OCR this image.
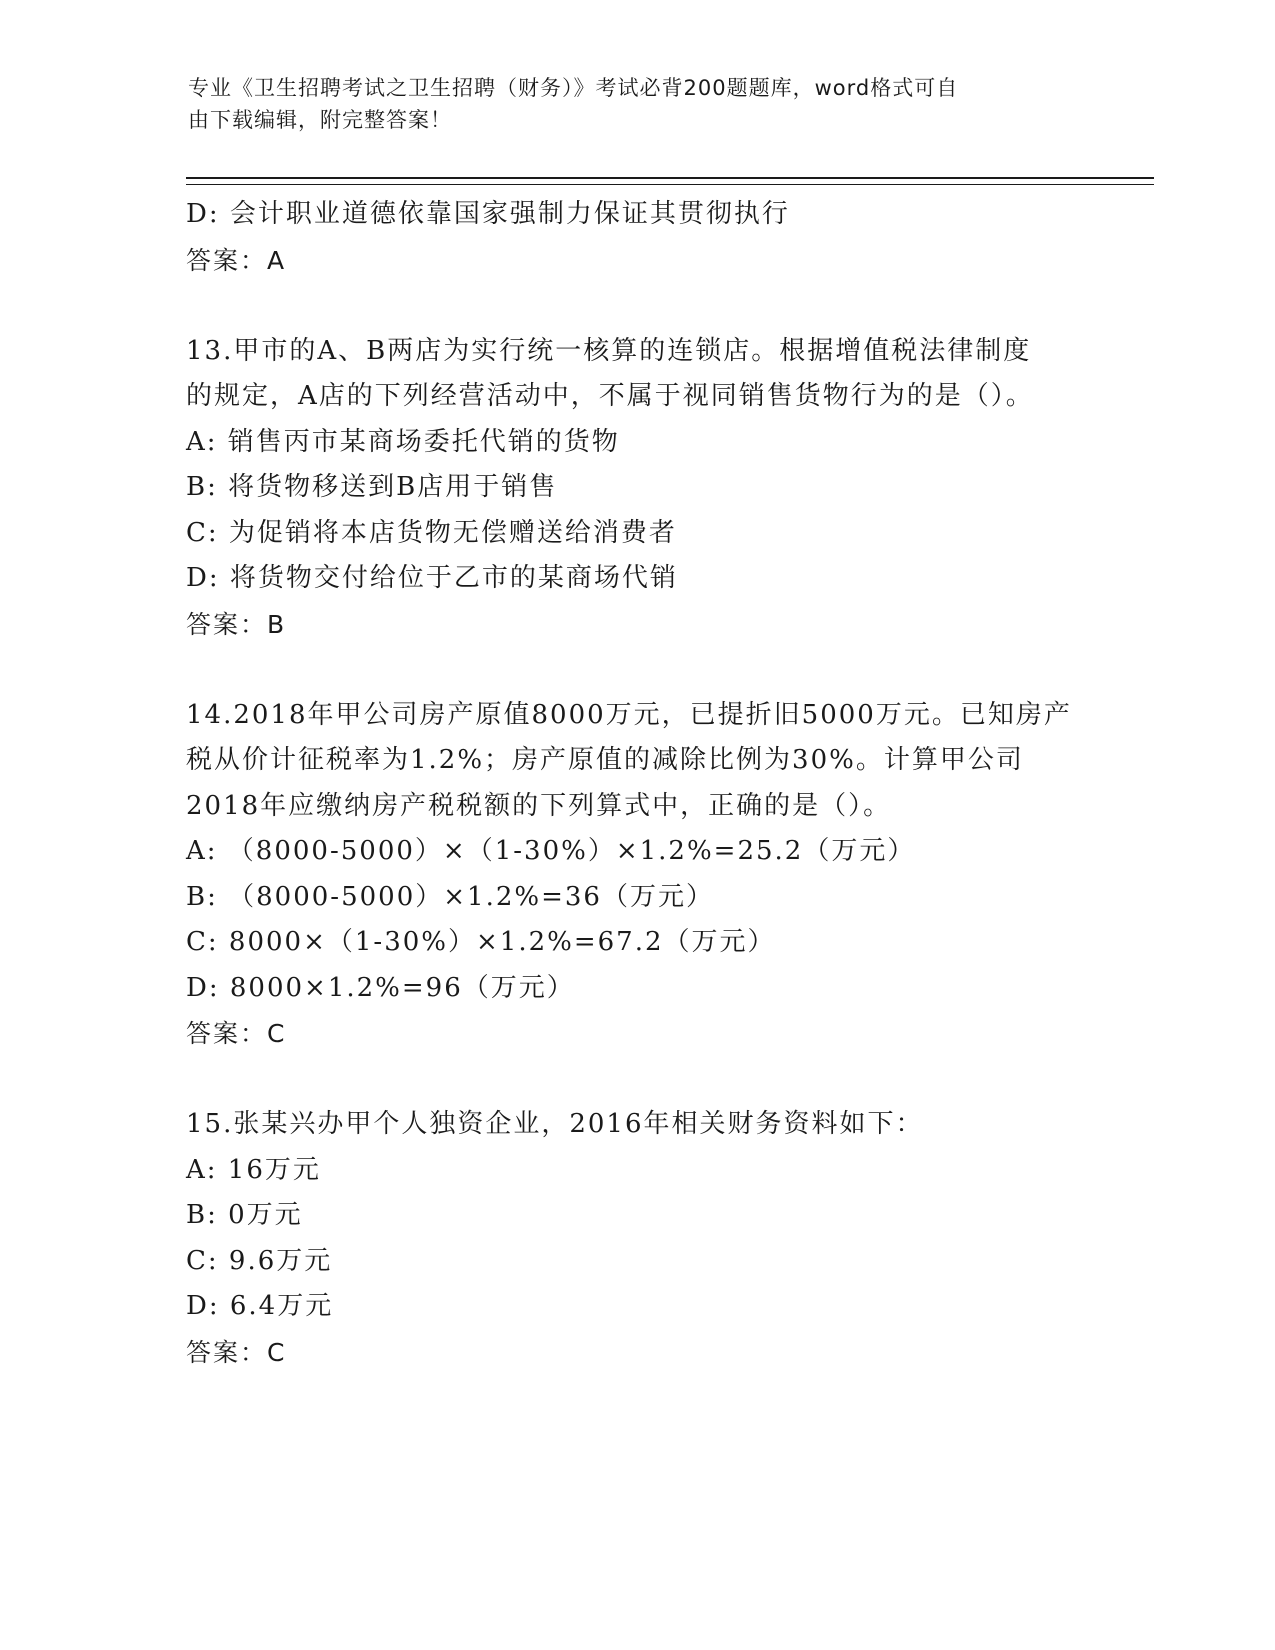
专业《卫生招聘考试之卫生招聘（财务）》考试必背200题题库，word格式可自
由下载编辑，附完整答案！
D: 会计职业道德依靠国家强制力保证其贯彻执行
答案：A
13.甲市的A、B两店为实行统一核算的连锁店。根据增值税法律制度
的规定，A店的下列经营活动中，不属于视同销售货物行为的是（）。
A: 销售丙市某商场委托代销的货物
B: 将货物移送到B店用于销售
C: 为促销将本店货物无偿赠送给消费者
D: 将货物交付给位于乙市的某商场代销
答案：B
14.2018年甲公司房产原值8000万元，已提折旧5000万元。已知房产
税从价计征税率为1.2%；房产原值的减除比例为30%。计算甲公司
2018年应缴纳房产税税额的下列算式中，正确的是（）。
A: （8000-5000）×（1-30%）×1.2%=25.2（万元）
B: （8000-5000）×1.2%=36（万元）
C: 8000×（1-30%）×1.2%=67.2（万元）
D: 8000×1.2%=96（万元）
答案：C
15.张某兴办甲个人独资企业，2016年相关财务资料如下：
A: 16万元
B: 0万元
C: 9.6万元
D: 6.4万元
答案：C
